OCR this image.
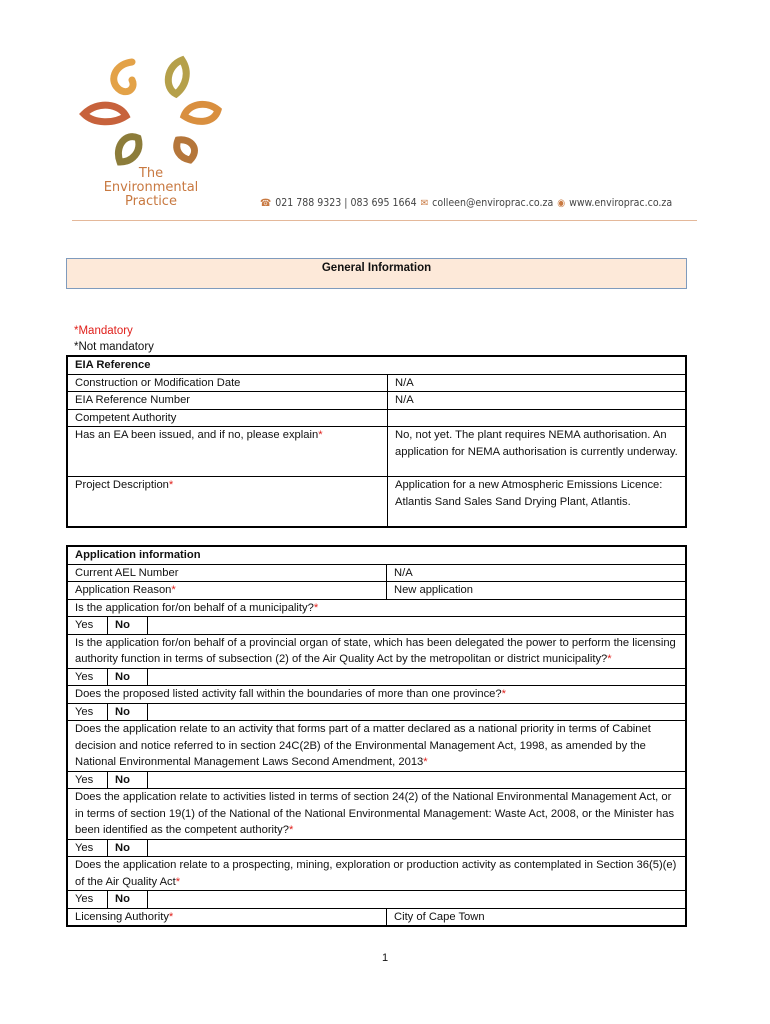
The
Environmental
Practice	☎ 021 788 9323 | 083 695 1664 ✉ colleen@enviroprac.co.za ◉ www.enviroprac.co.za
General Information
*Mandatory
*Not mandatory
EIA Reference	
Construction or Modification Date	N/A
EIA Reference Number	N/A
Competent Authority	
Has an EA been issued, and if no, please explain*	No, not yet. The plant requires NEMA authorisation. An application for NEMA authorisation is currently underway.
Project Description*	Application for a new Atmospheric Emissions Licence: Atlantis Sand Sales Sand Drying Plant, Atlantis.
Application information			
Current AEL Number			N/A
Application Reason*			New application
Is the application for/on behalf of a municipality?*			
Yes	No		
Is the application for/on behalf of a provincial organ of state, which has been delegated the power to perform the licensing authority function in terms of subsection (2) of the Air Quality Act by the metropolitan or district municipality?*			
Yes	No		
Does the proposed listed activity fall within the boundaries of more than one province?*			
Yes	No		
Does the application relate to an activity that forms part of a matter declared as a national priority in terms of Cabinet decision and notice referred to in section 24C(2B) of the Environmental Management Act, 1998, as amended by the National Environmental Management Laws Second Amendment, 2013*			
Yes	No		
Does the application relate to activities listed in terms of section 24(2) of the National Environmental Management Act, or in terms of section 19(1) of the National of the National Environmental Management: Waste Act, 2008, or the Minister has been identified as the competent authority?*			
Yes	No		
Does the application relate to a prospecting, mining, exploration or production activity as contemplated in Section 36(5)(e) of the Air Quality Act*			
Yes	No		
Licensing Authority*			City of Cape Town
1
